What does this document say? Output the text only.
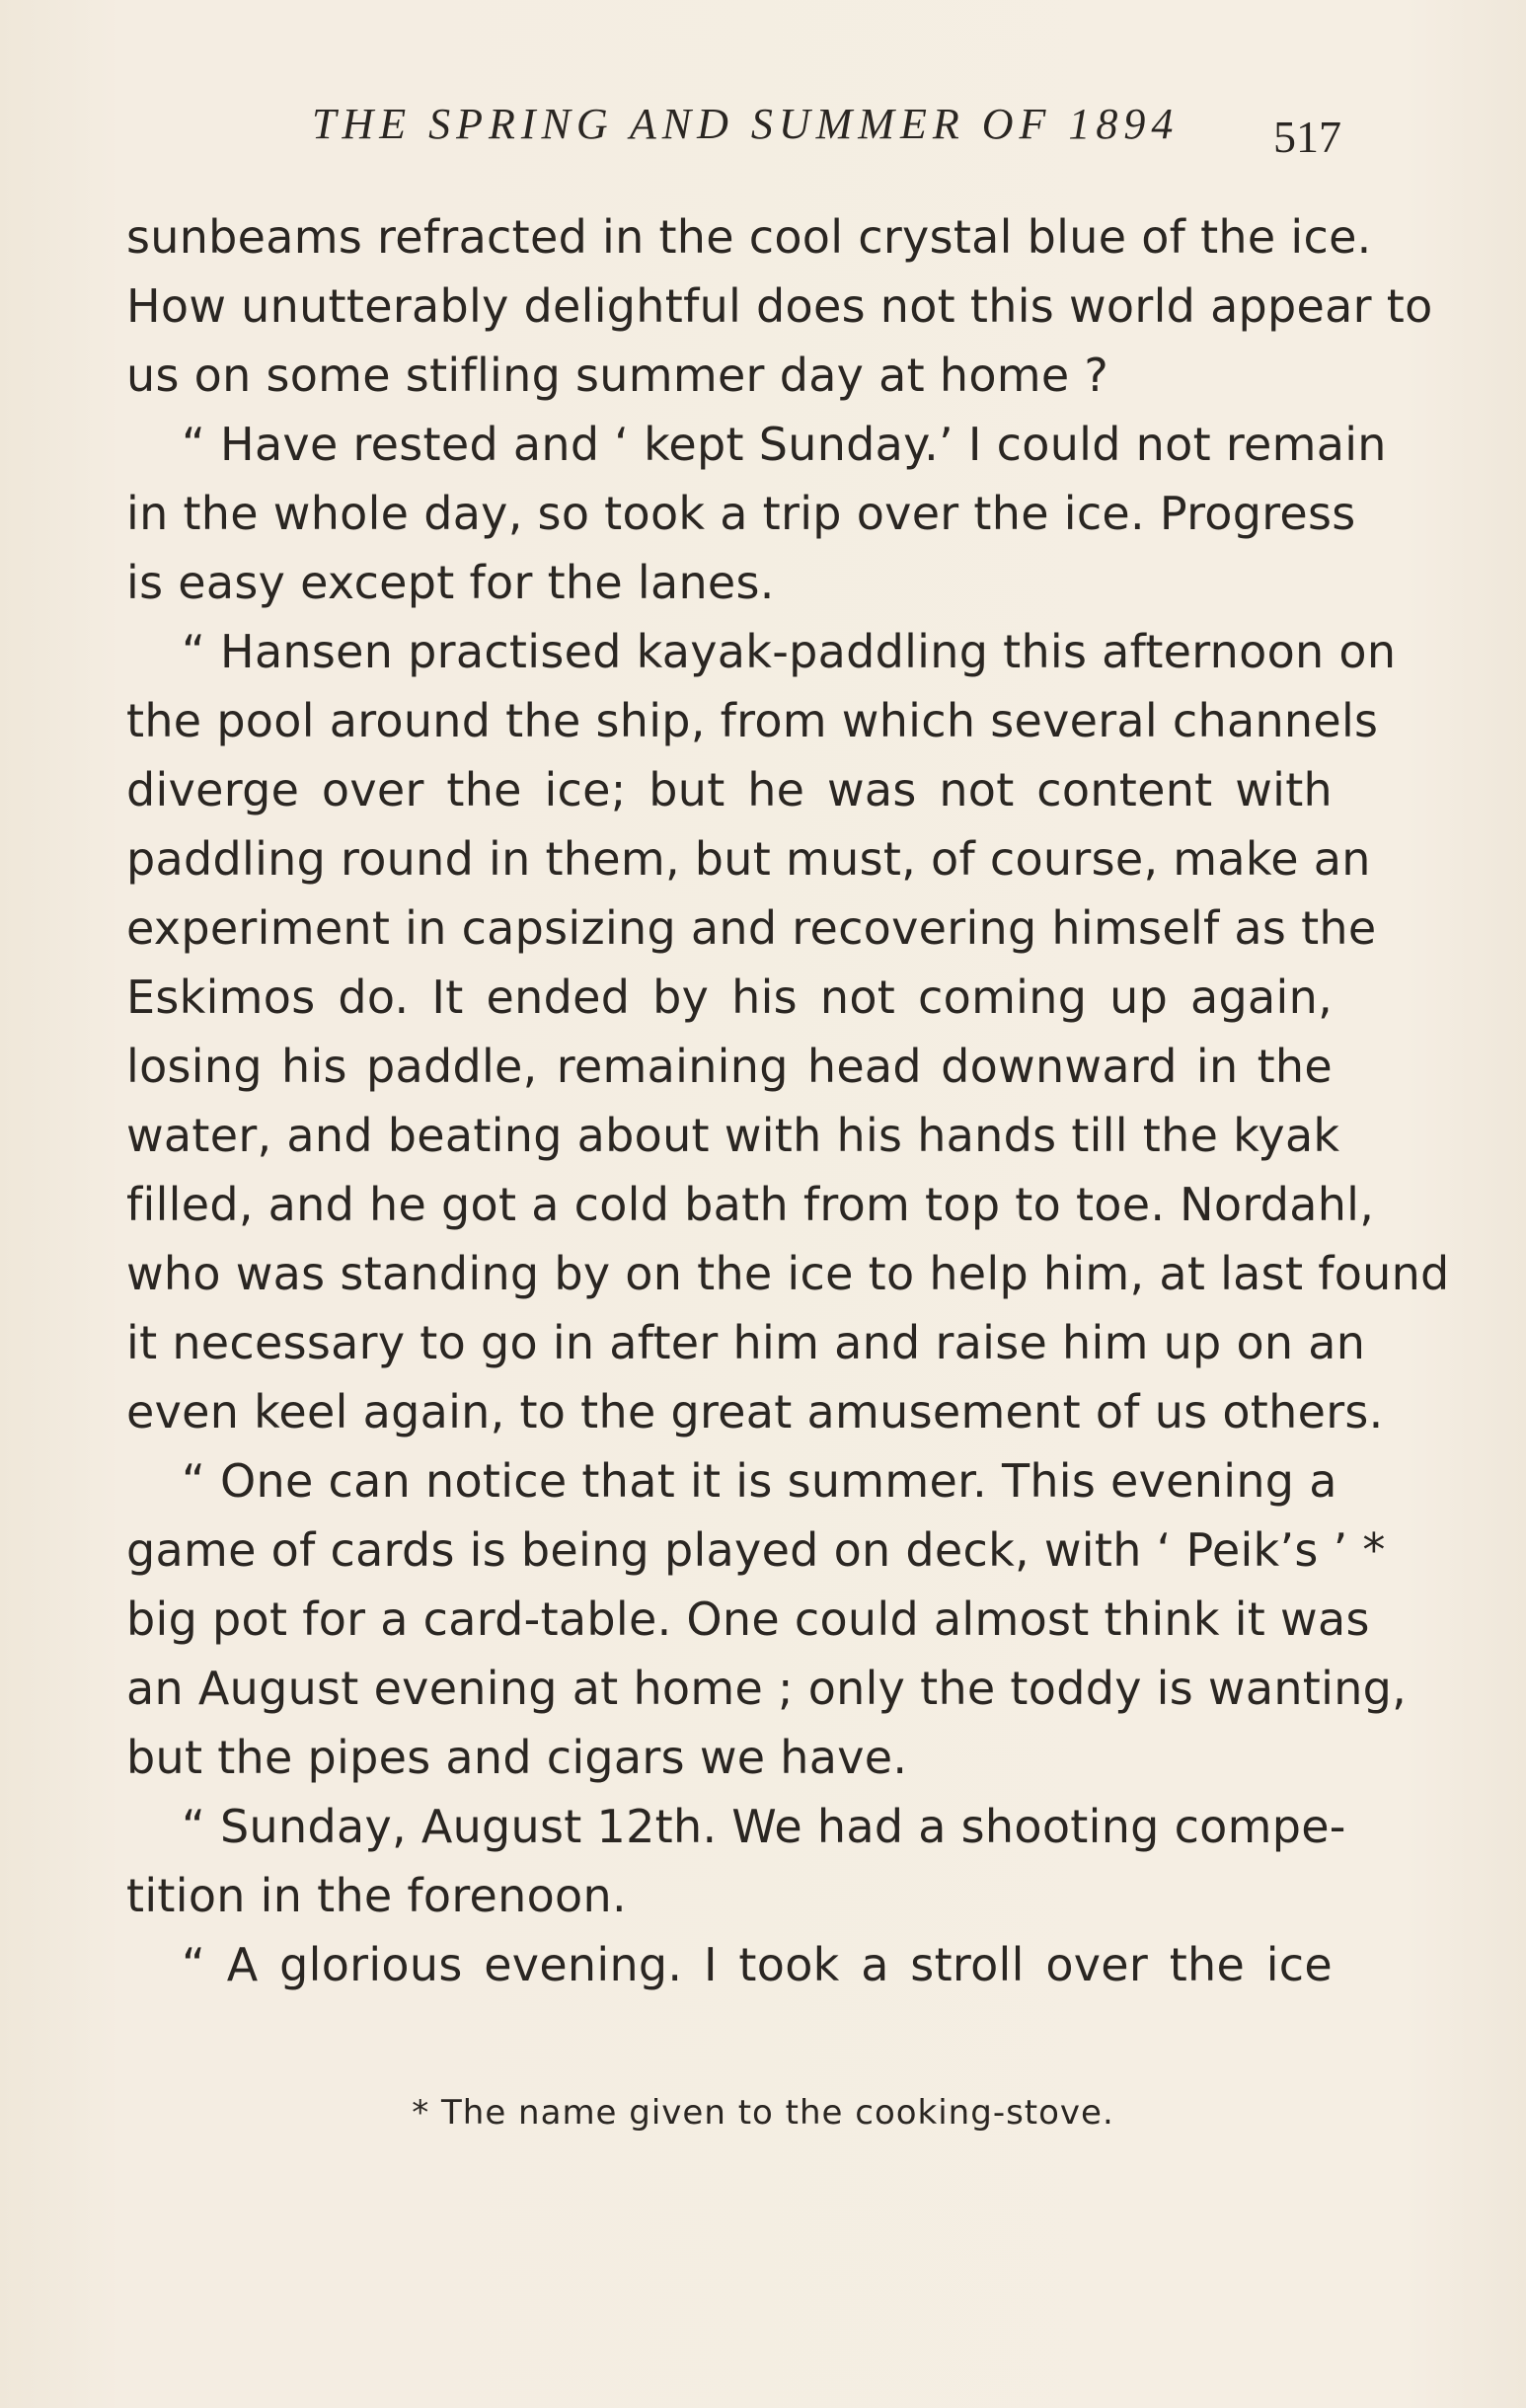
THE SPRING AND SUMMER OF 1894 517
sunbeams refracted in the cool crystal blue of the ice.
How unutterably delightful does not this world appear to
us on some stifling summer day at home ?
“ Have rested and ‘ kept Sunday.’ I could not remain
in the whole day, so took a trip over the ice. Progress
is easy except for the lanes.
“ Hansen practised kayak-paddling this afternoon on
the pool around the ship, from which several channels
diverge over the ice; but he was not content with
paddling round in them, but must, of course, make an
experiment in capsizing and recovering himself as the
Eskimos do. It ended by his not coming up again,
losing his paddle, remaining head downward in the
water, and beating about with his hands till the kyak
filled, and he got a cold bath from top to toe. Nordahl,
who was standing by on the ice to help him, at last found
it necessary to go in after him and raise him up on an
even keel again, to the great amusement of us others.
“ One can notice that it is summer. This evening a
game of cards is being played on deck, with ‘ Peik’s ’ *
big pot for a card-table. One could almost think it was
an August evening at home ; only the toddy is wanting,
but the pipes and cigars we have.
“ Sunday, August 12th. We had a shooting compe-
tition in the forenoon.
“ A glorious evening. I took a stroll over the ice
* The name given to the cooking-stove.
